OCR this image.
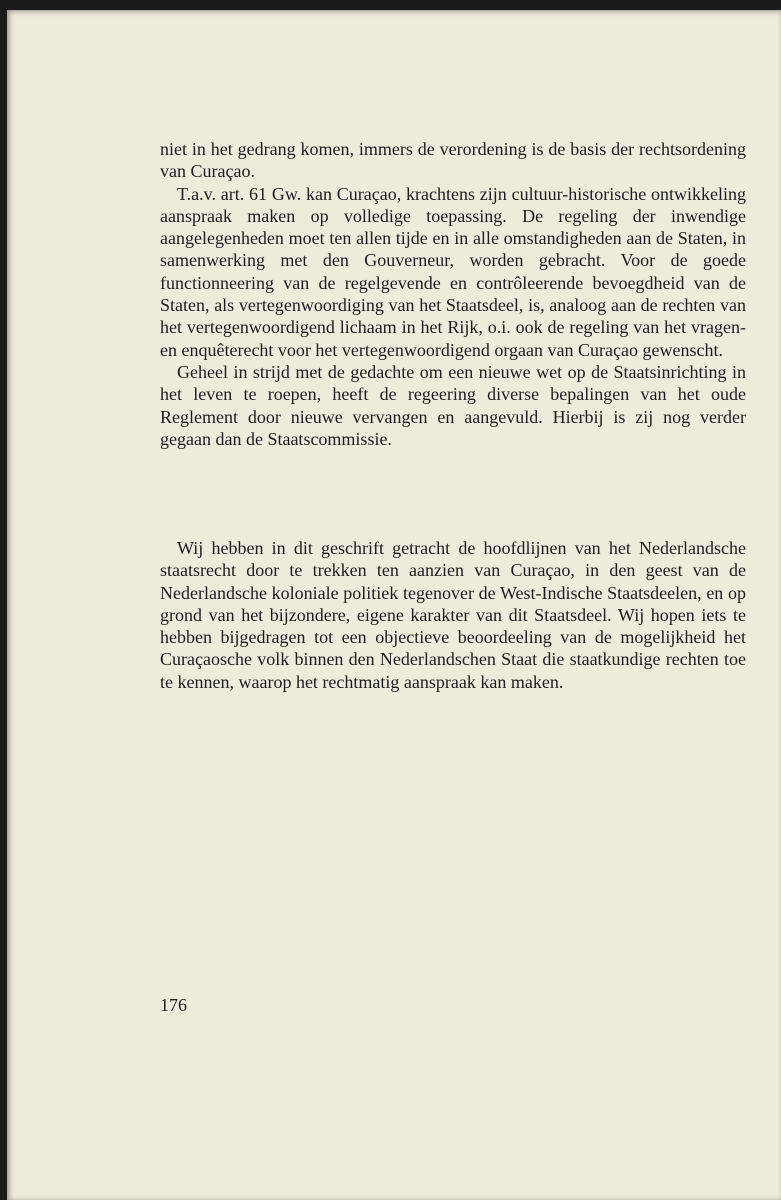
niet in het gedrang komen, immers de verordening is de basis der rechtsordening van Curaçao.

T.a.v. art. 61 Gw. kan Curaçao, krachtens zijn cultuur-historische ontwikkeling aanspraak maken op volledige toepassing. De regeling der inwendige aangelegenheden moet ten allen tijde en in alle omstandigheden aan de Staten, in samenwerking met den Gouverneur, worden gebracht. Voor de goede functionneering van de regelgevende en contrôleerende bevoegdheid van de Staten, als vertegenwoordiging van het Staatsdeel, is, analoog aan de rechten van het vertegenwoordigend lichaam in het Rijk, o.i. ook de regeling van het vragen- en enquêterecht voor het vertegenwoordigend orgaan van Curaçao gewenscht.

Geheel in strijd met de gedachte om een nieuwe wet op de Staatsinrichting in het leven te roepen, heeft de regeering diverse bepalingen van het oude Reglement door nieuwe vervangen en aangevuld. Hierbij is zij nog verder gegaan dan de Staatscommissie.

Wij hebben in dit geschrift getracht de hoofdlijnen van het Nederlandsche staatsrecht door te trekken ten aanzien van Curaçao, in den geest van de Nederlandsche koloniale politiek tegenover de West-Indische Staatsdeelen, en op grond van het bijzondere, eigene karakter van dit Staatsdeel. Wij hopen iets te hebben bijgedragen tot een objectieve beoordeeling van de mogelijkheid het Curaçaosche volk binnen den Nederlandschen Staat die staatkundige rechten toe te kennen, waarop het rechtmatig aanspraak kan maken.

176
